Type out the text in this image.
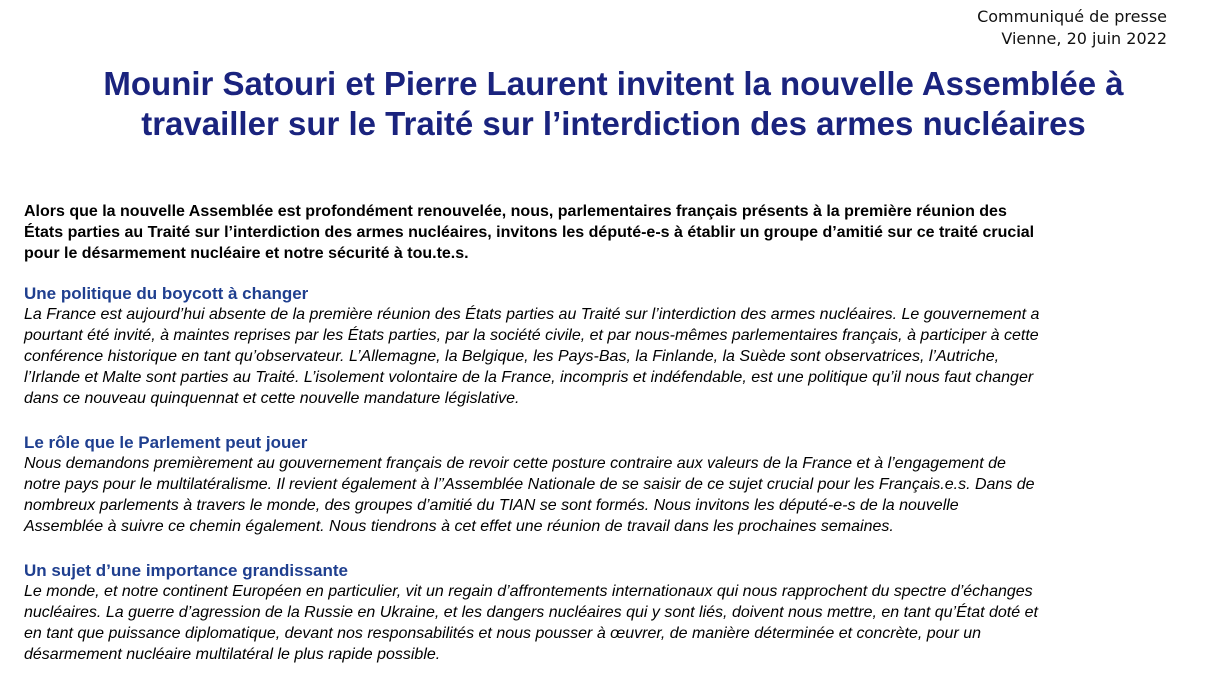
Communiqué de presse
Vienne, 20 juin 2022
Mounir Satouri et Pierre Laurent invitent la nouvelle Assemblée à
travailler sur le Traité sur l’interdiction des armes nucléaires

Alors que la nouvelle Assemblée est profondément renouvelée, nous, parlementaires français présents à la première réunion des
États parties au Traité sur l’interdiction des armes nucléaires, invitons les député-e-s à établir un groupe d’amitié sur ce traité crucial
pour le désarmement nucléaire et notre sécurité à tou.te.s.

Une politique du boycott à changer

La France est aujourd’hui absente de la première réunion des États parties au Traité sur l’interdiction des armes nucléaires. Le gouvernement a
pourtant été invité, à maintes reprises par les États parties, par la société civile, et par nous-mêmes parlementaires français, à participer à cette
conférence historique en tant qu’observateur. L’Allemagne, la Belgique, les Pays-Bas, la Finlande, la Suède sont observatrices, l’Autriche,
l’Irlande et Malte sont parties au Traité. L’isolement volontaire de la France, incompris et indéfendable, est une politique qu’il nous faut changer
dans ce nouveau quinquennat et cette nouvelle mandature législative.

Le rôle que le Parlement peut jouer

Nous demandons premièrement au gouvernement français de revoir cette posture contraire aux valeurs de la France et à l’engagement de
notre pays pour le multilatéralisme. Il revient également à l’’Assemblée Nationale de se saisir de ce sujet crucial pour les Français.e.s. Dans de
nombreux parlements à travers le monde, des groupes d’amitié du TIAN se sont formés. Nous invitons les député-e-s de la nouvelle
Assemblée à suivre ce chemin également. Nous tiendrons à cet effet une réunion de travail dans les prochaines semaines.

Un sujet d’une importance grandissante

Le monde, et notre continent Européen en particulier, vit un regain d’affrontements internationaux qui nous rapprochent du spectre d’échanges
nucléaires. La guerre d’agression de la Russie en Ukraine, et les dangers nucléaires qui y sont liés, doivent nous mettre, en tant qu’État doté et
en tant que puissance diplomatique, devant nos responsabilités et nous pousser à œuvrer, de manière déterminée et concrète, pour un
désarmement nucléaire multilatéral le plus rapide possible.
